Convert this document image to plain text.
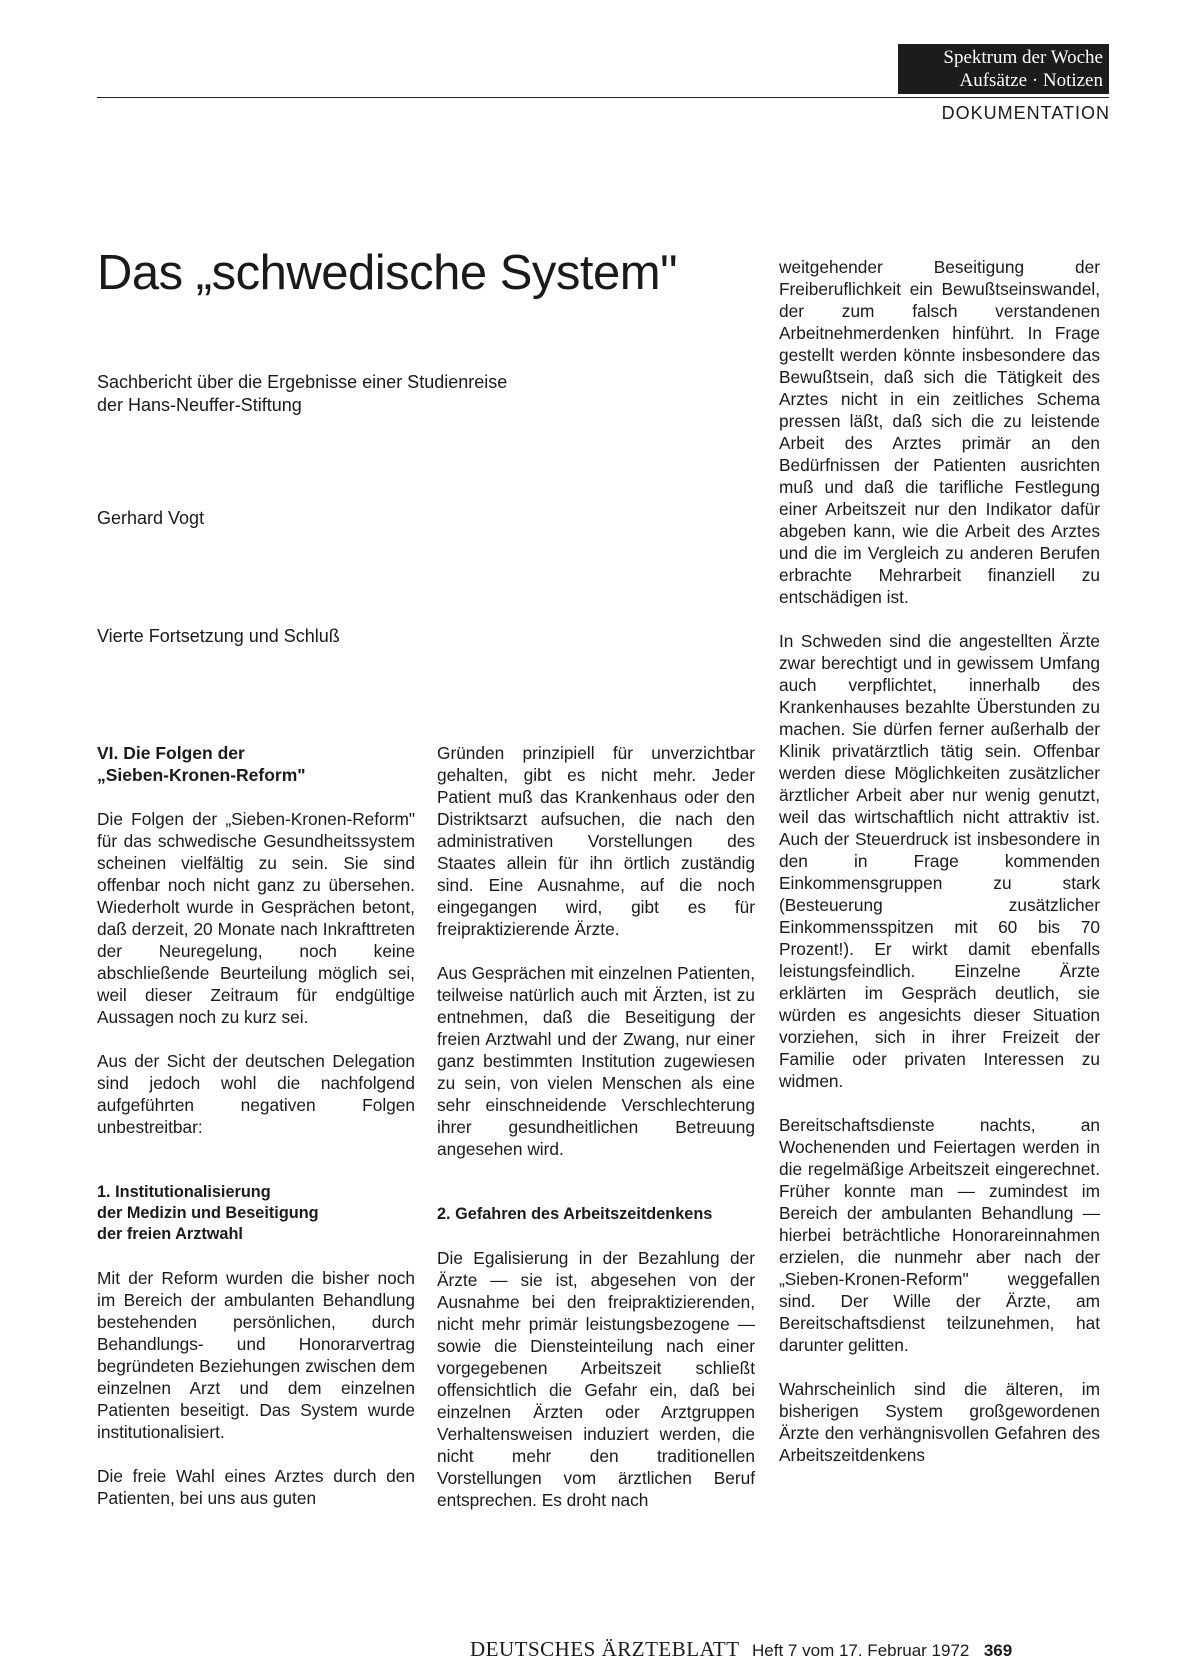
Spektrum der Woche
Aufsätze · Notizen
DOKUMENTATION
Das „schwedische System"
Sachbericht über die Ergebnisse einer Studienreise
der Hans-Neuffer-Stiftung

Gerhard Vogt

Vierte Fortsetzung und Schluß

VI. Die Folgen der
„Sieben-Kronen-Reform"

Die Folgen der „Sieben-Kronen-Reform" für das schwedische Gesundheitssystem scheinen vielfältig zu sein. Sie sind offenbar noch nicht ganz zu übersehen. Wiederholt wurde in Gesprächen betont, daß derzeit, 20 Monate nach Inkrafttreten der Neuregelung, noch keine abschließende Beurteilung möglich sei, weil dieser Zeitraum für endgültige Aussagen noch zu kurz sei.

Aus der Sicht der deutschen Delegation sind jedoch wohl die nachfolgend aufgeführten negativen Folgen unbestreitbar:

1. Institutionalisierung
der Medizin und Beseitigung
der freien Arztwahl

Mit der Reform wurden die bisher noch im Bereich der ambulanten Behandlung bestehenden persönlichen, durch Behandlungs- und Honorarvertrag begründeten Beziehungen zwischen dem einzelnen Arzt und dem einzelnen Patienten beseitigt. Das System wurde institutionalisiert.

Die freie Wahl eines Arztes durch den Patienten, bei uns aus guten

Gründen prinzipiell für unverzichtbar gehalten, gibt es nicht mehr. Jeder Patient muß das Krankenhaus oder den Distriktsarzt aufsuchen, die nach den administrativen Vorstellungen des Staates allein für ihn örtlich zuständig sind. Eine Ausnahme, auf die noch eingegangen wird, gibt es für freipraktizierende Ärzte.

Aus Gesprächen mit einzelnen Patienten, teilweise natürlich auch mit Ärzten, ist zu entnehmen, daß die Beseitigung der freien Arztwahl und der Zwang, nur einer ganz bestimmten Institution zugewiesen zu sein, von vielen Menschen als eine sehr einschneidende Verschlechterung ihrer gesundheitlichen Betreuung angesehen wird.

2. Gefahren des Arbeitszeitdenkens

Die Egalisierung in der Bezahlung der Ärzte — sie ist, abgesehen von der Ausnahme bei den freipraktizierenden, nicht mehr primär leistungsbezogene — sowie die Diensteinteilung nach einer vorgegebenen Arbeitszeit schließt offensichtlich die Gefahr ein, daß bei einzelnen Ärzten oder Arztgruppen Verhaltensweisen induziert werden, die nicht mehr den traditionellen Vorstellungen vom ärztlichen Beruf entsprechen. Es droht nach

weitgehender Beseitigung der Freiberuflichkeit ein Bewußtseinswandel, der zum falsch verstandenen Arbeitnehmerdenken hinführt. In Frage gestellt werden könnte insbesondere das Bewußtsein, daß sich die Tätigkeit des Arztes nicht in ein zeitliches Schema pressen läßt, daß sich die zu leistende Arbeit des Arztes primär an den Bedürfnissen der Patienten ausrichten muß und daß die tarifliche Festlegung einer Arbeitszeit nur den Indikator dafür abgeben kann, wie die Arbeit des Arztes und die im Vergleich zu anderen Berufen erbrachte Mehrarbeit finanziell zu entschädigen ist.

In Schweden sind die angestellten Ärzte zwar berechtigt und in gewissem Umfang auch verpflichtet, innerhalb des Krankenhauses bezahlte Überstunden zu machen. Sie dürfen ferner außerhalb der Klinik privatärztlich tätig sein. Offenbar werden diese Möglichkeiten zusätzlicher ärztlicher Arbeit aber nur wenig genutzt, weil das wirtschaftlich nicht attraktiv ist. Auch der Steuerdruck ist insbesondere in den in Frage kommenden Einkommensgruppen zu stark (Besteuerung zusätzlicher Einkommensspitzen mit 60 bis 70 Prozent!). Er wirkt damit ebenfalls leistungsfeindlich. Einzelne Ärzte erklärten im Gespräch deutlich, sie würden es angesichts dieser Situation vorziehen, sich in ihrer Freizeit der Familie oder privaten Interessen zu widmen.

Bereitschaftsdienste nachts, an Wochenenden und Feiertagen werden in die regelmäßige Arbeitszeit eingerechnet. Früher konnte man — zumindest im Bereich der ambulanten Behandlung — hierbei beträchtliche Honorareinnahmen erzielen, die nunmehr aber nach der „Sieben-Kronen-Reform" weggefallen sind. Der Wille der Ärzte, am Bereitschaftsdienst teilzunehmen, hat darunter gelitten.

Wahrscheinlich sind die älteren, im bisherigen System großgewordenen Ärzte den verhängnisvollen Gefahren des Arbeitszeitdenkens

DEUTSCHES ÄRZTEBLATT Heft 7 vom 17. Februar 1972 369
